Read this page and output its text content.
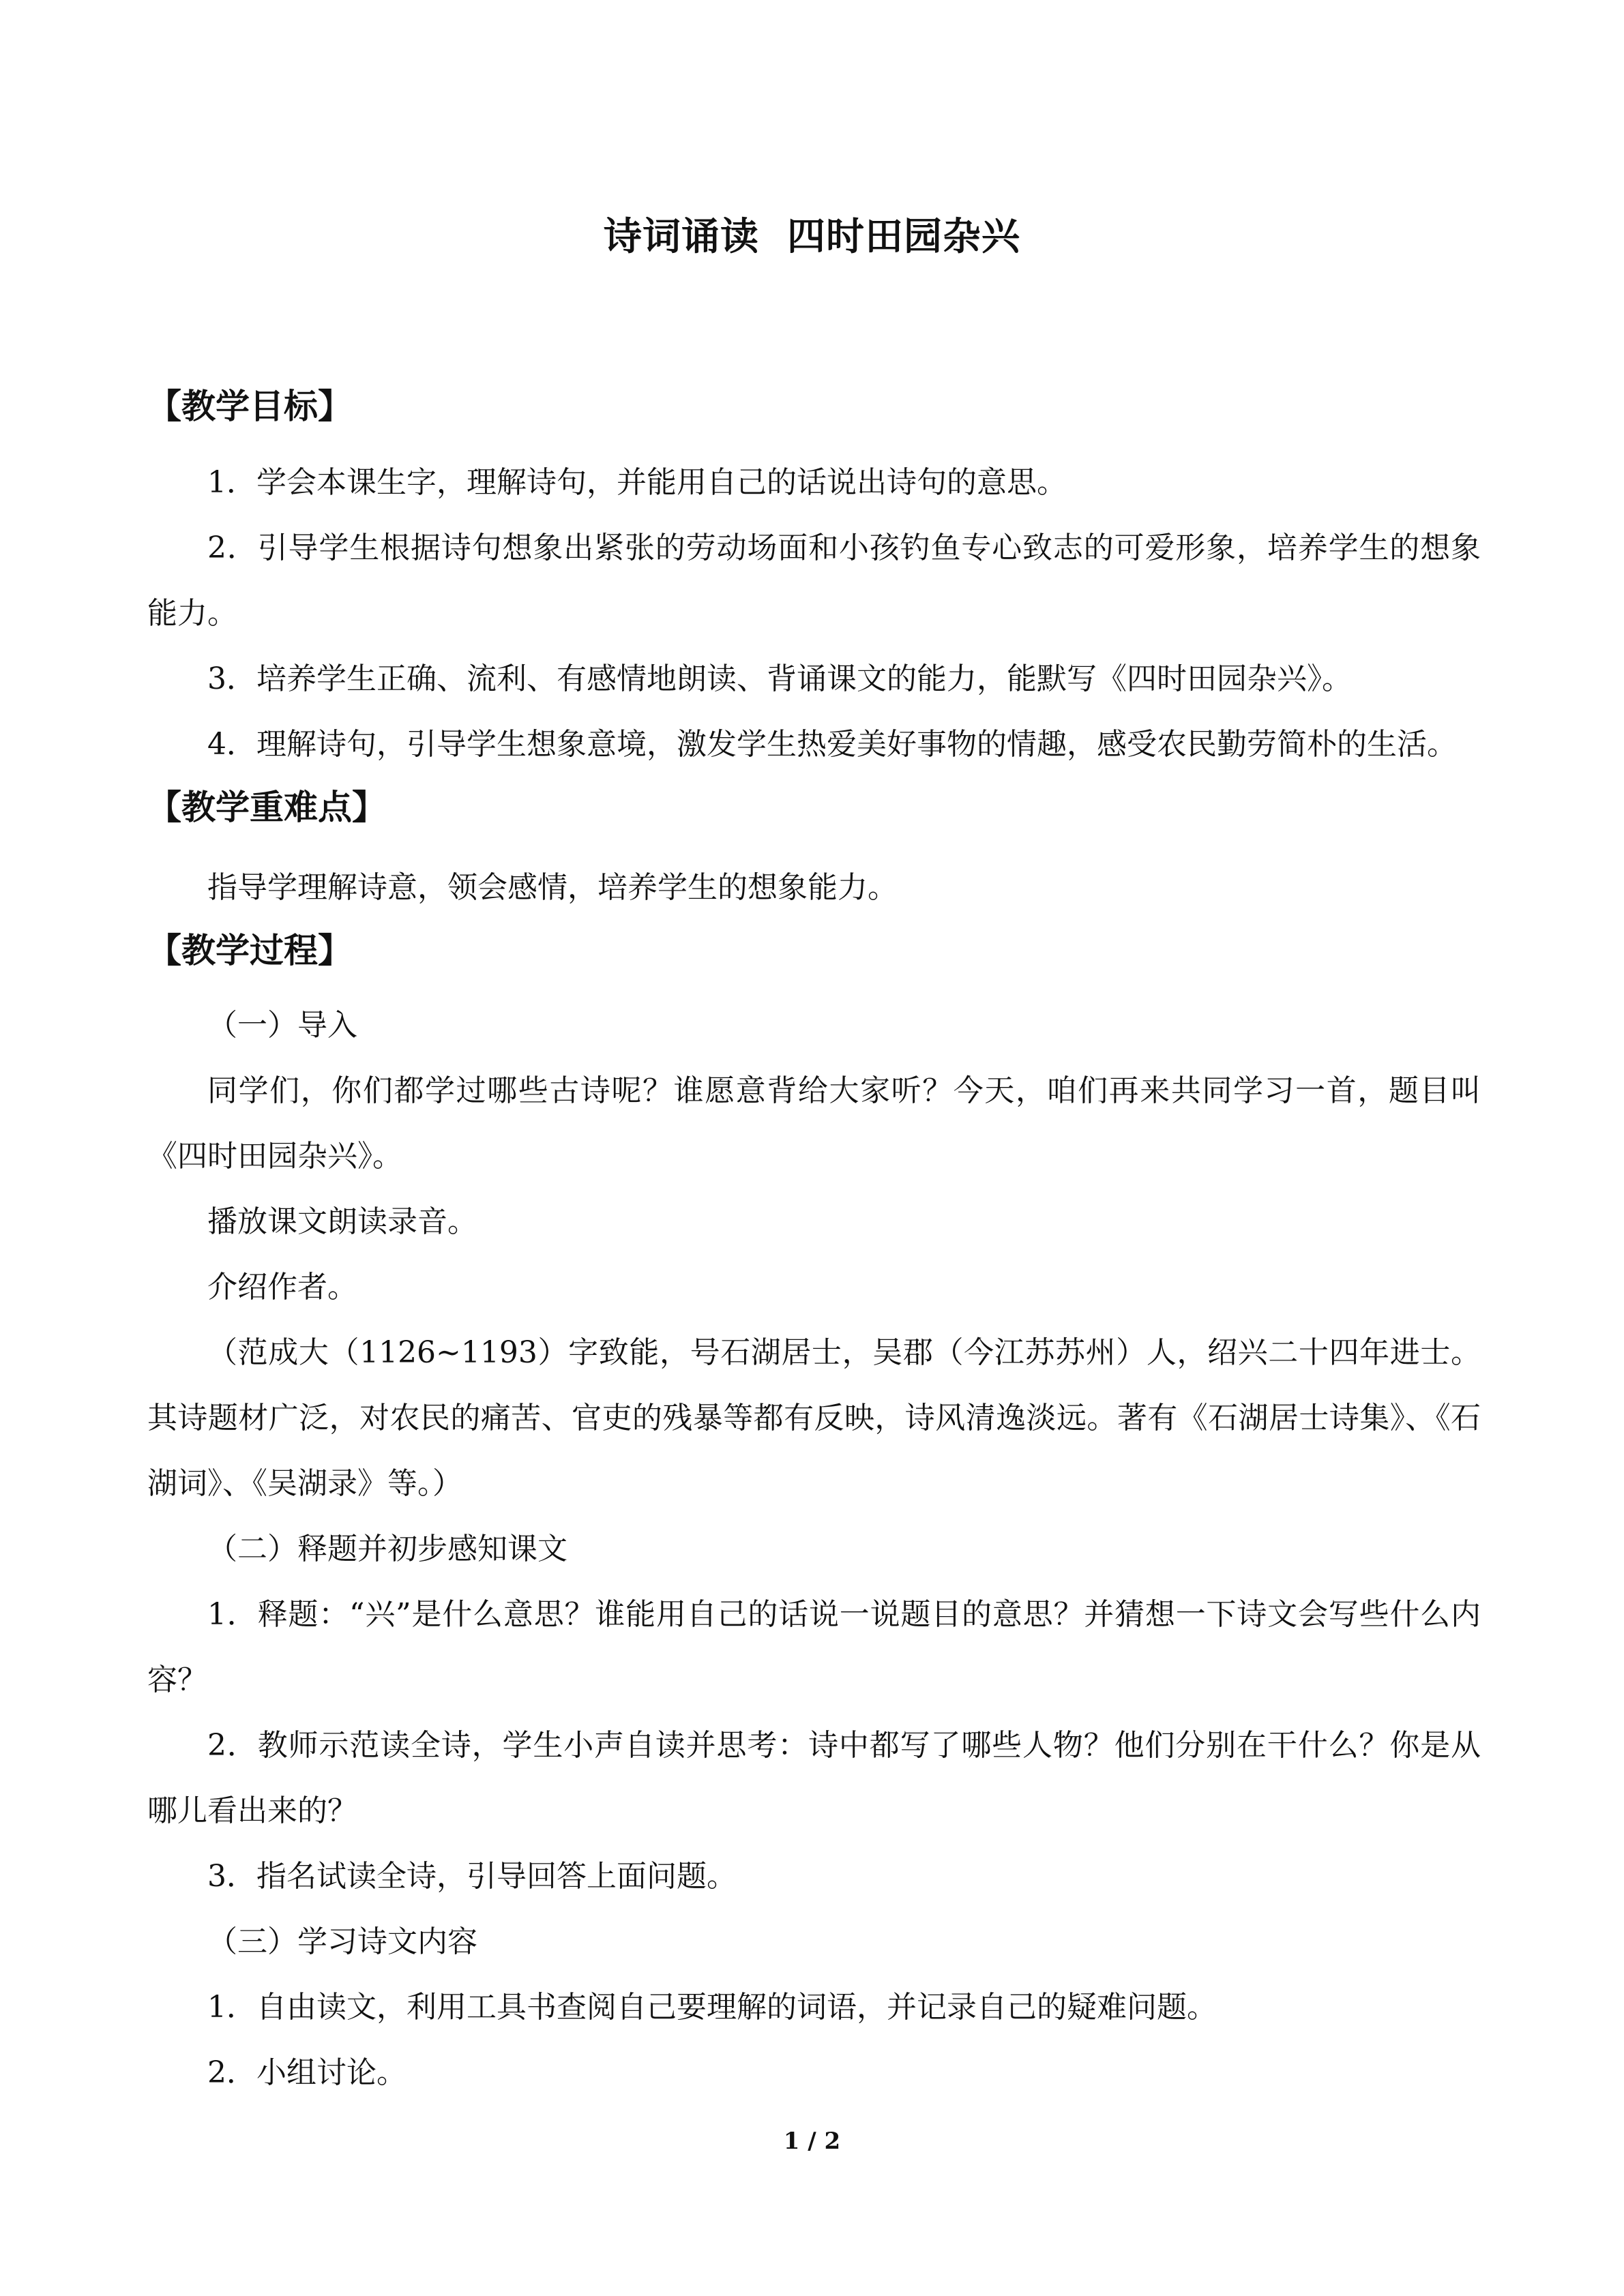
诗词诵读  四时田园杂兴
【教学目标】

1．学会本课生字，理解诗句，并能用自己的话说出诗句的意思。

2．引导学生根据诗句想象出紧张的劳动场面和小孩钓鱼专心致志的可爱形象，培养学生的想象能力。

3．培养学生正确、流利、有感情地朗读、背诵课文的能力，能默写《四时田园杂兴》。

4．理解诗句，引导学生想象意境，激发学生热爱美好事物的情趣，感受农民勤劳简朴的生活。

【教学重难点】

指导学理解诗意，领会感情，培养学生的想象能力。

【教学过程】

（一）导入

同学们，你们都学过哪些古诗呢？谁愿意背给大家听？今天，咱们再来共同学习一首，题目叫《四时田园杂兴》。

播放课文朗读录音。

介绍作者。

（范成大（1126~1193）字致能，号石湖居士，吴郡（今江苏苏州）人，绍兴二十四年进士。其诗题材广泛，对农民的痛苦、官吏的残暴等都有反映，诗风清逸淡远。著有《石湖居士诗集》、《石湖词》、《吴湖录》等。）

（二）释题并初步感知课文

1．释题：“兴”是什么意思？谁能用自己的话说一说题目的意思？并猜想一下诗文会写些什么内容？

2．教师示范读全诗，学生小声自读并思考：诗中都写了哪些人物？他们分别在干什么？你是从哪儿看出来的？

3．指名试读全诗，引导回答上面问题。

（三）学习诗文内容

1．自由读文，利用工具书查阅自己要理解的词语，并记录自己的疑难问题。

2．小组讨论。

1 / 2
